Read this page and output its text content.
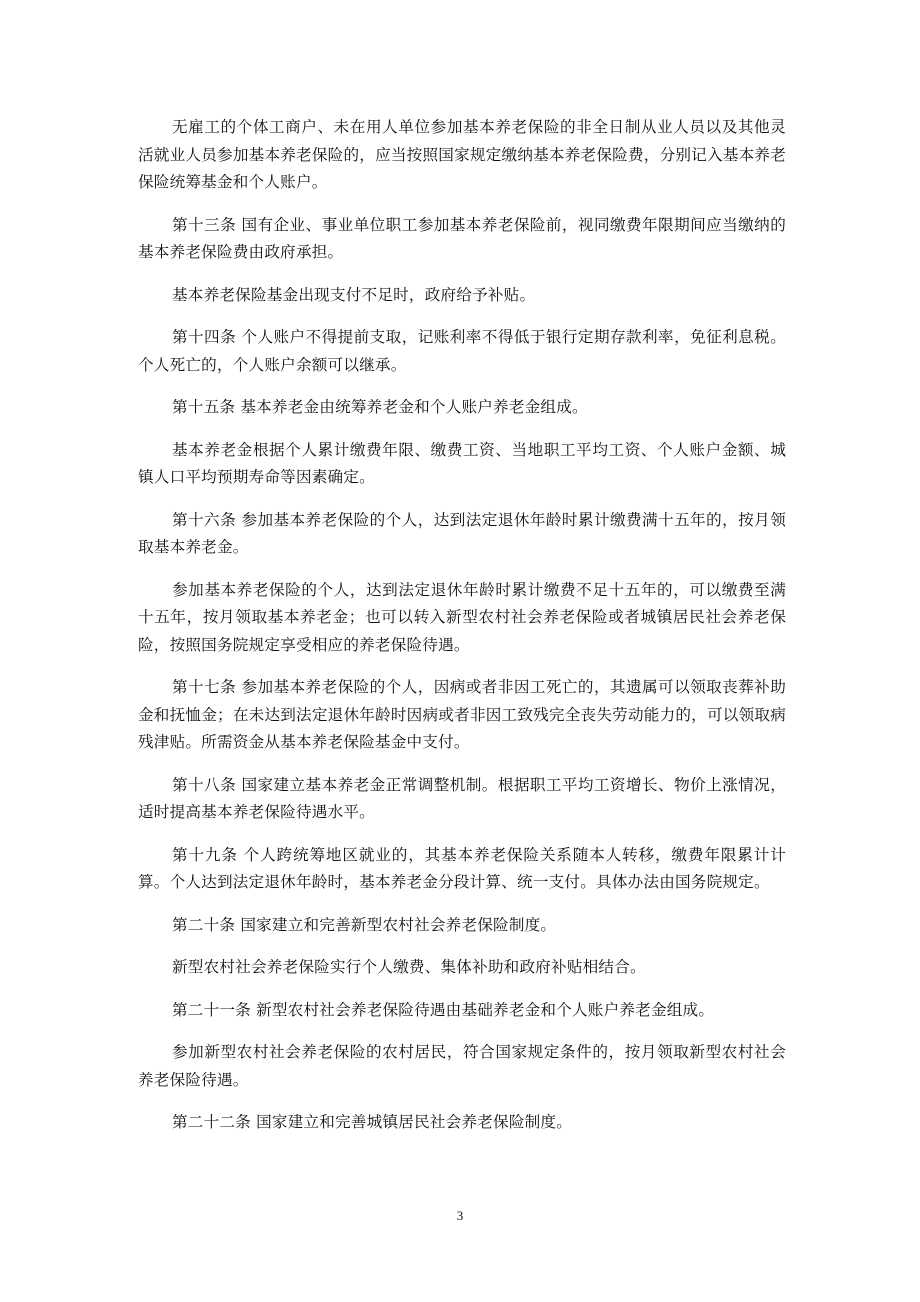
无雇工的个体工商户、未在用人单位参加基本养老保险的非全日制从业人员以及其他灵活就业人员参加基本养老保险的，应当按照国家规定缴纳基本养老保险费，分别记入基本养老保险统筹基金和个人账户。

第十三条 国有企业、事业单位职工参加基本养老保险前，视同缴费年限期间应当缴纳的基本养老保险费由政府承担。

基本养老保险基金出现支付不足时，政府给予补贴。

第十四条 个人账户不得提前支取，记账利率不得低于银行定期存款利率，免征利息税。个人死亡的，个人账户余额可以继承。

第十五条 基本养老金由统筹养老金和个人账户养老金组成。

基本养老金根据个人累计缴费年限、缴费工资、当地职工平均工资、个人账户金额、城镇人口平均预期寿命等因素确定。

第十六条 参加基本养老保险的个人，达到法定退休年龄时累计缴费满十五年的，按月领取基本养老金。

参加基本养老保险的个人，达到法定退休年龄时累计缴费不足十五年的，可以缴费至满十五年，按月领取基本养老金；也可以转入新型农村社会养老保险或者城镇居民社会养老保险，按照国务院规定享受相应的养老保险待遇。

第十七条 参加基本养老保险的个人，因病或者非因工死亡的，其遗属可以领取丧葬补助金和抚恤金；在未达到法定退休年龄时因病或者非因工致残完全丧失劳动能力的，可以领取病残津贴。所需资金从基本养老保险基金中支付。

第十八条 国家建立基本养老金正常调整机制。根据职工平均工资增长、物价上涨情况，适时提高基本养老保险待遇水平。

第十九条 个人跨统筹地区就业的，其基本养老保险关系随本人转移，缴费年限累计计算。个人达到法定退休年龄时，基本养老金分段计算、统一支付。具体办法由国务院规定。

第二十条 国家建立和完善新型农村社会养老保险制度。

新型农村社会养老保险实行个人缴费、集体补助和政府补贴相结合。

第二十一条 新型农村社会养老保险待遇由基础养老金和个人账户养老金组成。

参加新型农村社会养老保险的农村居民，符合国家规定条件的，按月领取新型农村社会养老保险待遇。

第二十二条 国家建立和完善城镇居民社会养老保险制度。

3
